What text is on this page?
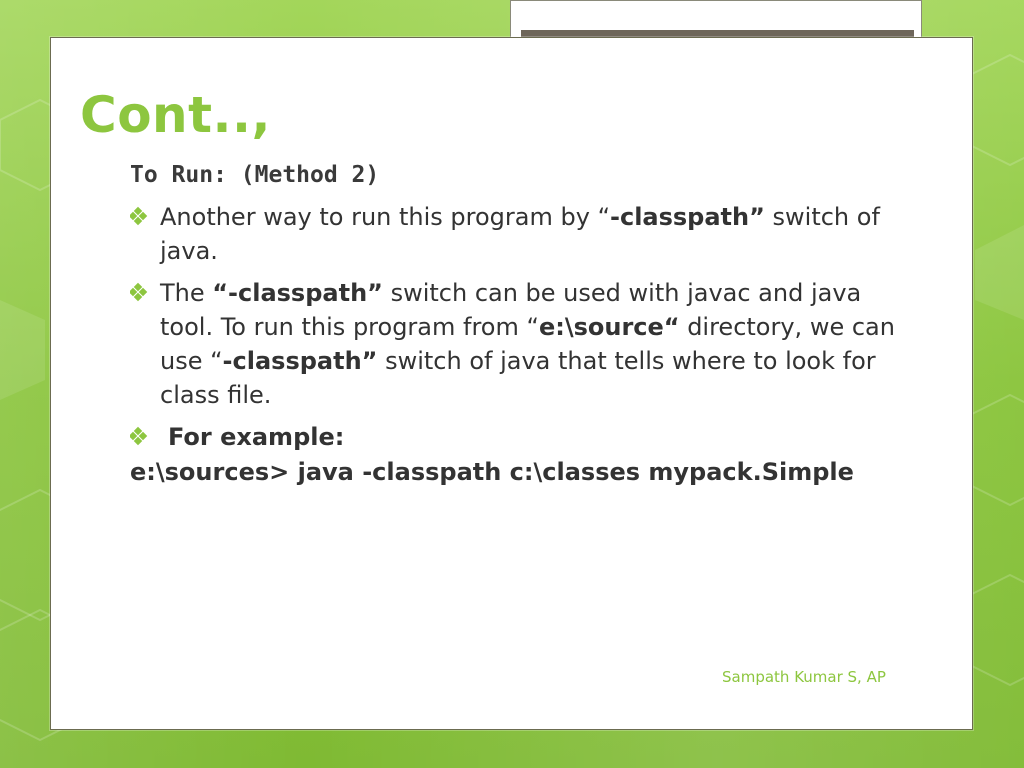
Cont..,
To Run: (Method 2)
Another way to run this program by “-classpath” switch of java.
The “-classpath” switch can be used with javac and java tool. To run this program from “e:\source“ directory, we can use “-classpath” switch of java that tells where to look for class file.
For example:
e:\sources> java -classpath c:\classes mypack.Simple
Sampath Kumar S, AP
